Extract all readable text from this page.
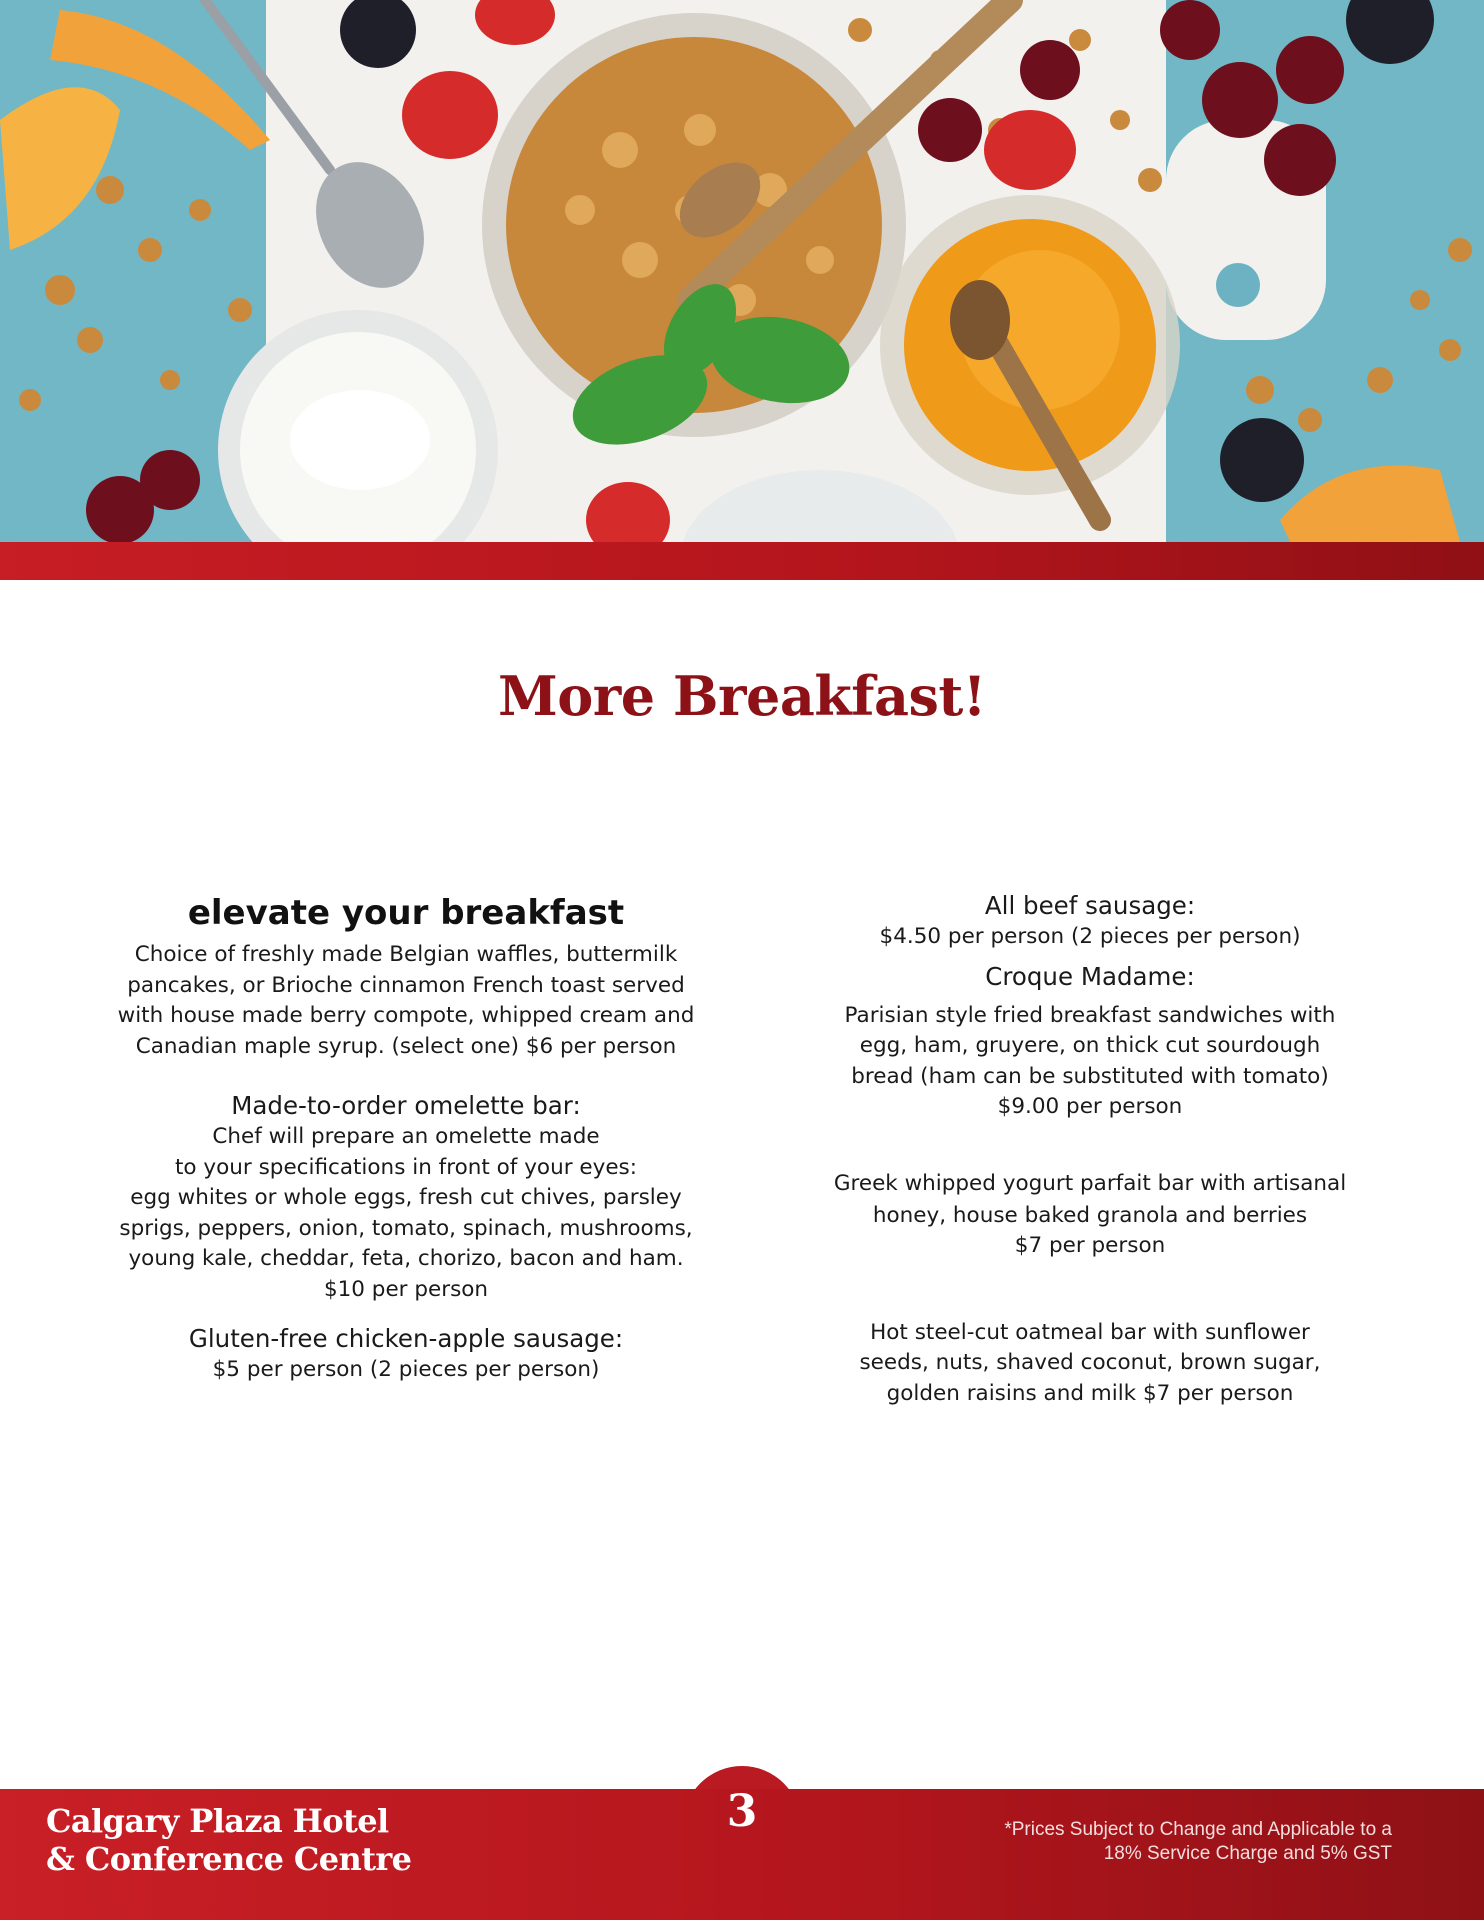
More Breakfast!
elevate your breakfast

Choice of freshly made Belgian waffles, buttermilk

pancakes, or Brioche cinnamon French toast served

with house made berry compote, whipped cream and

Canadian maple syrup. (select one) $6 per person

Made-to-order omelette bar:

Chef will prepare an omelette made

to your specifications in front of your eyes:

egg whites or whole eggs, fresh cut chives, parsley

sprigs, peppers, onion, tomato, spinach, mushrooms,

young kale, cheddar, feta, chorizo, bacon and ham.

$10 per person

Gluten-free chicken-apple sausage:

$5 per person (2 pieces per person)

All beef sausage:

$4.50 per person (2 pieces per person)

Croque Madame:

Parisian style fried breakfast sandwiches with

egg, ham, gruyere, on thick cut sourdough

bread (ham can be substituted with tomato)

$9.00 per person

Greek whipped yogurt parfait bar with artisanal

honey, house baked granola and berries

$7 per person

Hot steel-cut oatmeal bar with sunflower

seeds, nuts, shaved coconut, brown sugar,

golden raisins and milk $7 per person

3
Calgary Plaza Hotel
& Conference Centre
*Prices Subject to Change and Applicable to a
18% Service Charge and 5% GST
